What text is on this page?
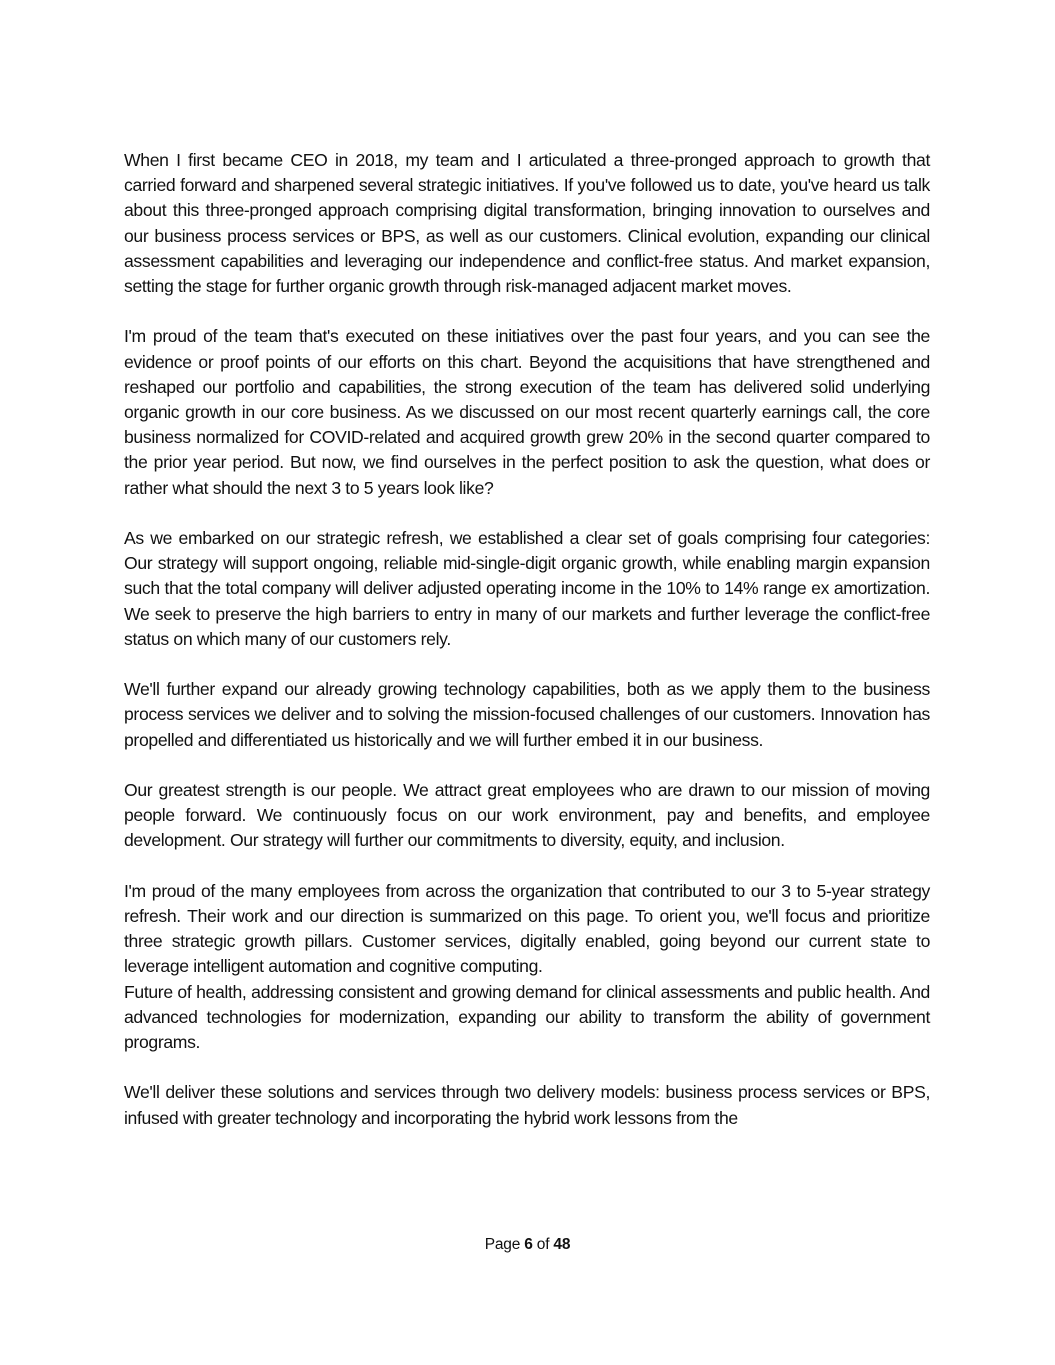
When I first became CEO in 2018, my team and I articulated a three-pronged approach to growth that carried forward and sharpened several strategic initiatives. If you've followed us to date, you've heard us talk about this three-pronged approach comprising digital transformation, bringing innovation to ourselves and our business process services or BPS, as well as our customers. Clinical evolution, expanding our clinical assessment capabilities and leveraging our independence and conflict-free status. And market expansion, setting the stage for further organic growth through risk-managed adjacent market moves.

I'm proud of the team that's executed on these initiatives over the past four years, and you can see the evidence or proof points of our efforts on this chart. Beyond the acquisitions that have strengthened and reshaped our portfolio and capabilities, the strong execution of the team has delivered solid underlying organic growth in our core business. As we discussed on our most recent quarterly earnings call, the core business normalized for COVID-related and acquired growth grew 20% in the second quarter compared to the prior year period. But now, we find ourselves in the perfect position to ask the question, what does or rather what should the next 3 to 5 years look like?

As we embarked on our strategic refresh, we established a clear set of goals comprising four categories: Our strategy will support ongoing, reliable mid-single-digit organic growth, while enabling margin expansion such that the total company will deliver adjusted operating income in the 10% to 14% range ex amortization. We seek to preserve the high barriers to entry in many of our markets and further leverage the conflict-free status on which many of our customers rely.

We'll further expand our already growing technology capabilities, both as we apply them to the business process services we deliver and to solving the mission-focused challenges of our customers. Innovation has propelled and differentiated us historically and we will further embed it in our business.

Our greatest strength is our people. We attract great employees who are drawn to our mission of moving people forward. We continuously focus on our work environment, pay and benefits, and employee development. Our strategy will further our commitments to diversity, equity, and inclusion.

I'm proud of the many employees from across the organization that contributed to our 3 to 5-year strategy refresh. Their work and our direction is summarized on this page. To orient you, we'll focus and prioritize three strategic growth pillars. Customer services, digitally enabled, going beyond our current state to leverage intelligent automation and cognitive computing.

Future of health, addressing consistent and growing demand for clinical assessments and public health. And advanced technologies for modernization, expanding our ability to transform the ability of government programs.

We'll deliver these solutions and services through two delivery models: business process services or BPS, infused with greater technology and incorporating the hybrid work lessons from the

Page 6 of 48
